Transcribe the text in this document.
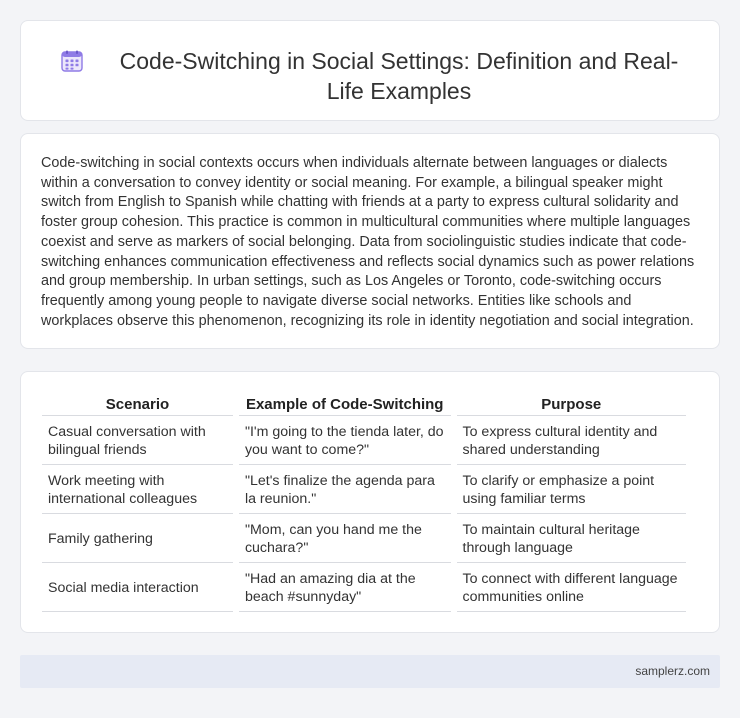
Code-Switching in Social Settings: Definition and Real-Life Examples

Code-switching in social contexts occurs when individuals alternate between languages or dialects within a conversation to convey identity or social meaning. For example, a bilingual speaker might switch from English to Spanish while chatting with friends at a party to express cultural solidarity and foster group cohesion. This practice is common in multicultural communities where multiple languages coexist and serve as markers of social belonging. Data from sociolinguistic studies indicate that code-switching enhances communication effectiveness and reflects social dynamics such as power relations and group membership. In urban settings, such as Los Angeles or Toronto, code-switching occurs frequently among young people to navigate diverse social networks. Entities like schools and workplaces observe this phenomenon, recognizing its role in identity negotiation and social integration.

Scenario	Example of Code-Switching	Purpose
Casual conversation with bilingual friends	"I'm going to the tienda later, do you want to come?"	To express cultural identity and shared understanding
Work meeting with international colleagues	"Let's finalize the agenda para la reunion."	To clarify or emphasize a point using familiar terms
Family gathering	"Mom, can you hand me the cuchara?"	To maintain cultural heritage through language
Social media interaction	"Had an amazing dia at the beach #sunnyday"	To connect with different language communities online
samplerz.com
